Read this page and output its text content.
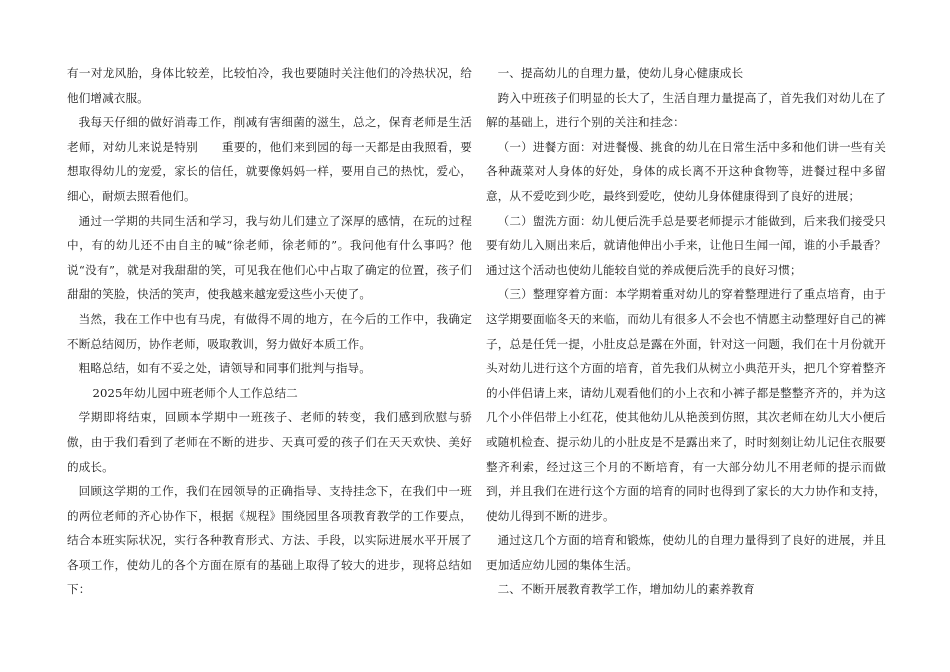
有一对龙风胎，身体比较差，比较怕冷，我也要随时关注他们的冷热状况，给他们增减衣服。

我每天仔细的做好消毒工作，削减有害细菌的滋生，总之，保育老师是生活老师，对幼儿来说是特别　　重要的，他们来到园的每一天都是由我照看，要想取得幼儿的宠爱，家长的信任，就要像妈妈一样，要用自己的热忱，爱心，细心，耐烦去照看他们。

通过一学期的共同生活和学习，我与幼儿们建立了深厚的感情，在玩的过程中，有的幼儿还不由自主的喊“徐老师，徐老师的”。我问他有什么事吗？他说“没有”，就是对我甜甜的笑，可见我在他们心中占取了确定的位置，孩子们甜甜的笑脸，快活的笑声，使我越来越宠爱这些小天使了。

当然，我在工作中也有马虎，有做得不周的地方，在今后的工作中，我确定不断总结阅历，协作老师，吸取教训，努力做好本质工作。

粗略总结，如有不妥之处，请领导和同事们批判与指导。

2025年幼儿园中班老师个人工作总结二

学期即将结束，回顾本学期中一班孩子、老师的转变，我们感到欣慰与骄傲，由于我们看到了老师在不断的进步、天真可爱的孩子们在天天欢快、美好的成长。

回顾这学期的工作，我们在园领导的正确指导、支持挂念下，在我们中一班的两位老师的齐心协作下，根据《规程》围绕园里各项教育教学的工作要点，结合本班实际状况，实行各种教育形式、方法、手段，以实际进展水平开展了各项工作，使幼儿的各个方面在原有的基础上取得了较大的进步，现将总结如下：

一、提高幼儿的自理力量，使幼儿身心健康成长

跨入中班孩子们明显的长大了，生活自理力量提高了，首先我们对幼儿在了解的基础上，进行个别的关注和挂念：

（一）进餐方面：对进餐慢、挑食的幼儿在日常生活中多和他们讲一些有关各种蔬菜对人身体的好处，身体的成长离不开这种食物等，进餐过程中多留意，从不爱吃到少吃，最终到爱吃，使幼儿身体健康得到了良好的进展；

（二）盥洗方面：幼儿便后洗手总是要老师提示才能做到，后来我们接受只要有幼儿入厕出来后，就请他伸出小手来，让他日生闻一闻，谁的小手最香？通过这个活动也使幼儿能较自觉的养成便后洗手的良好习惯；

（三）整理穿着方面：本学期着重对幼儿的穿着整理进行了重点培育，由于这学期要面临冬天的来临，而幼儿有很多人不会也不情愿主动整理好自己的裤子，总是任凭一提，小肚皮总是露在外面，针对这一问题，我们在十月份就开头对幼儿进行这个方面的培育，首先我们从树立小典范开头，把几个穿着整齐的小伴侣请上来，请幼儿观看他们的小上衣和小裤子都是整整齐齐的，并为这几个小伴侣带上小红花，使其他幼儿从艳羡到仿照，其次老师在幼儿大小便后或随机检查、提示幼儿的小肚皮是不是露出来了，时时刻刻让幼儿记住衣服要整齐利索，经过这三个月的不断培育，有一大部分幼儿不用老师的提示而做到，并且我们在进行这个方面的培育的同时也得到了家长的大力协作和支持，使幼儿得到不断的进步。

通过这几个方面的培育和锻炼，使幼儿的自理力量得到了良好的进展，并且更加适应幼儿园的集体生活。

二、不断开展教育教学工作，增加幼儿的素养教育
